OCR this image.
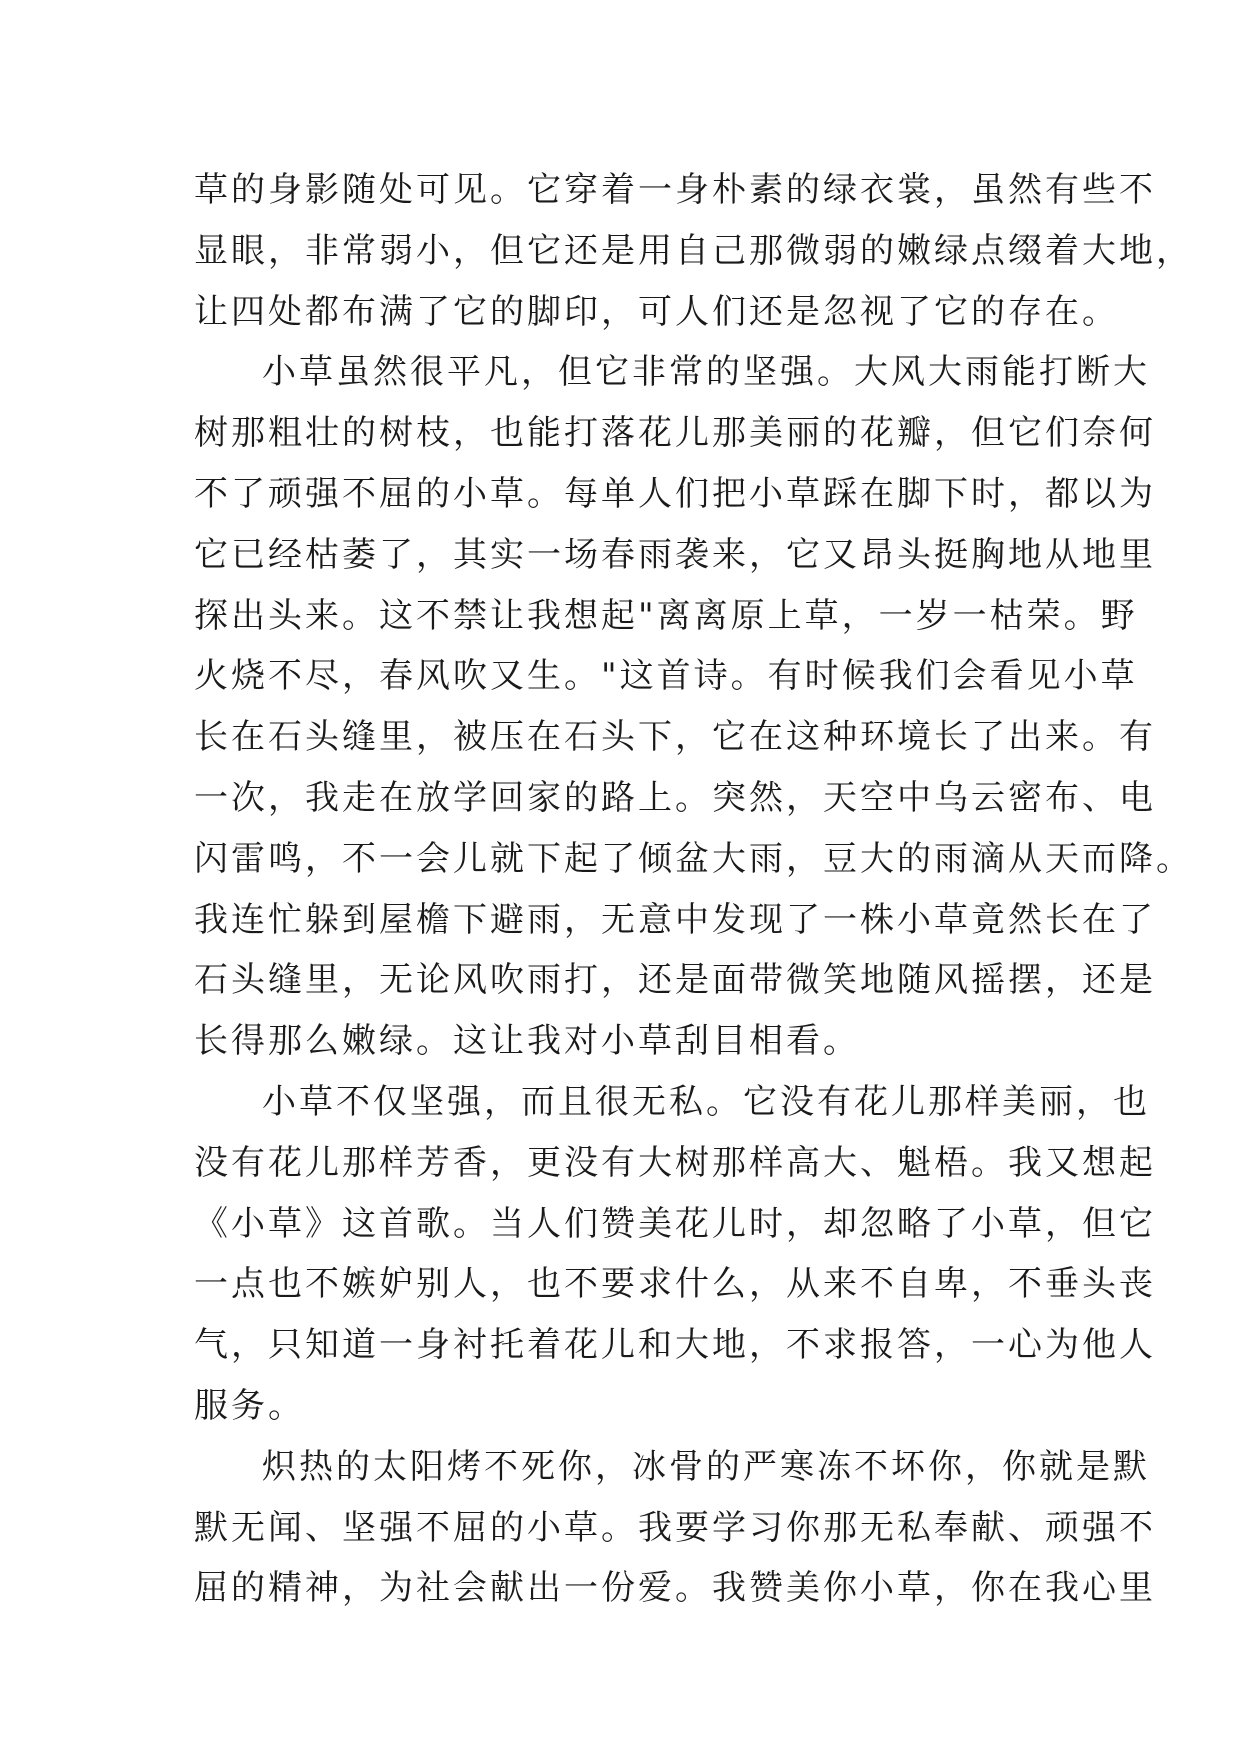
草的身影随处可见。它穿着一身朴素的绿衣裳，虽然有些不
显眼，非常弱小，但它还是用自己那微弱的嫩绿点缀着大地，
让四处都布满了它的脚印，可人们还是忽视了它的存在。
小草虽然很平凡，但它非常的坚强。大风大雨能打断大
树那粗壮的树枝，也能打落花儿那美丽的花瓣，但它们奈何
不了顽强不屈的小草。每单人们把小草踩在脚下时，都以为
它已经枯萎了，其实一场春雨袭来，它又昂头挺胸地从地里
探出头来。这不禁让我想起"离离原上草，一岁一枯荣。野
火烧不尽，春风吹又生。"这首诗。有时候我们会看见小草
长在石头缝里，被压在石头下，它在这种环境长了出来。有
一次，我走在放学回家的路上。突然，天空中乌云密布、电
闪雷鸣，不一会儿就下起了倾盆大雨，豆大的雨滴从天而降。
我连忙躲到屋檐下避雨，无意中发现了一株小草竟然长在了
石头缝里，无论风吹雨打，还是面带微笑地随风摇摆，还是
长得那么嫩绿。这让我对小草刮目相看。
小草不仅坚强，而且很无私。它没有花儿那样美丽，也
没有花儿那样芳香，更没有大树那样高大、魁梧。我又想起
《小草》这首歌。当人们赞美花儿时，却忽略了小草，但它
一点也不嫉妒别人，也不要求什么，从来不自卑，不垂头丧
气，只知道一身衬托着花儿和大地，不求报答，一心为他人
服务。
炽热的太阳烤不死你，冰骨的严寒冻不坏你，你就是默
默无闻、坚强不屈的小草。我要学习你那无私奉献、顽强不
屈的精神，为社会献出一份爱。我赞美你小草，你在我心里
